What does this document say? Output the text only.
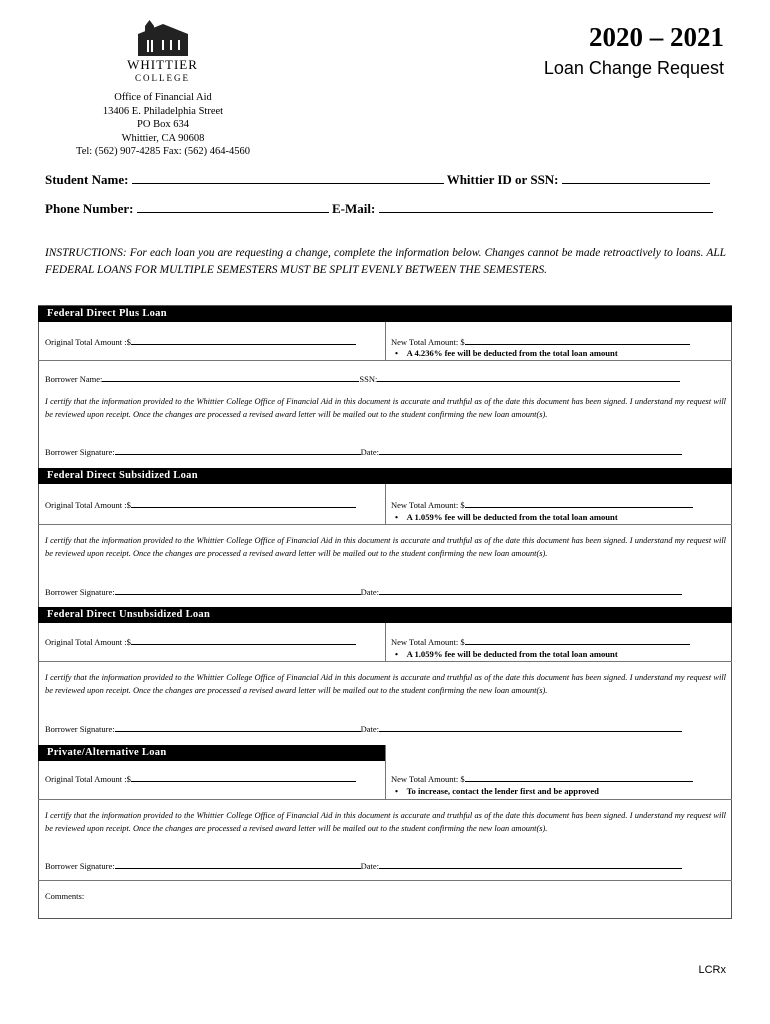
WHITTIER
COLLEGE
Office of Financial Aid
13406 E. Philadelphia Street
PO Box 634
Whittier, CA 90608
Tel: (562) 907-4285 Fax: (562) 464-4560
2020 – 2021
Loan Change Request
Student Name:	Whittier ID or SSN:
Phone Number:	E-Mail:
INSTRUCTIONS: For each loan you are requesting a change, complete the information below. Changes cannot be made retroactively to loans. ALL FEDERAL LOANS FOR MULTIPLE SEMESTERS MUST BE SPLIT EVENLY BETWEEN THE SEMESTERS.
Federal Direct Plus Loan
Original Total Amount :$	New Total Amount: $
•    A 4.236% fee will be deducted from the total loan amount
Borrower Name:	SSN:
I certify that the information provided to the Whittier College Office of Financial Aid in this document is accurate and truthful as of the date this document has been signed. I understand my request will be reviewed upon receipt. Once the changes are processed a revised award letter will be mailed out to the student confirming the new loan amount(s).
Borrower Signature:	Date:
Federal Direct Subsidized Loan
Original Total Amount :$	New Total Amount: $
•    A 1.059% fee will be deducted from the total loan amount
I certify that the information provided to the Whittier College Office of Financial Aid in this document is accurate and truthful as of the date this document has been signed. I understand my request will be reviewed upon receipt. Once the changes are processed a revised award letter will be mailed out to the student confirming the new loan amount(s).
Borrower Signature:	Date:
Federal Direct Unsubsidized Loan
Original Total Amount :$	New Total Amount: $
•    A 1.059% fee will be deducted from the total loan amount
I certify that the information provided to the Whittier College Office of Financial Aid in this document is accurate and truthful as of the date this document has been signed. I understand my request will be reviewed upon receipt. Once the changes are processed a revised award letter will be mailed out to the student confirming the new loan amount(s).
Borrower Signature:	Date:
Private/Alternative Loan
Original Total Amount :$	New Total Amount: $
•    To increase, contact the lender first and be approved
I certify that the information provided to the Whittier College Office of Financial Aid in this document is accurate and truthful as of the date this document has been signed. I understand my request will be reviewed upon receipt. Once the changes are processed a revised award letter will be mailed out to the student confirming the new loan amount(s).
Borrower Signature:	Date:
Comments:
LCRx
